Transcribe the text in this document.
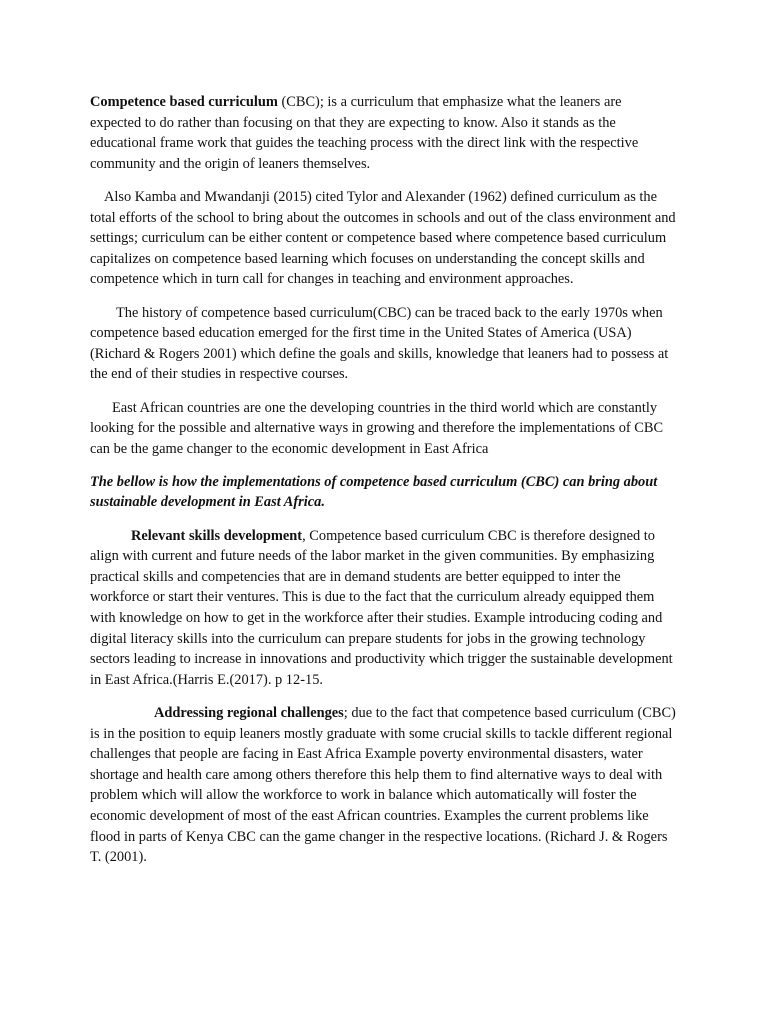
Competence based curriculum (CBC); is a curriculum that emphasize what the leaners are expected to do rather than focusing on that they are expecting to know. Also it stands as the educational frame work that guides the teaching process with the direct link with the respective community and the origin of leaners themselves.

Also Kamba and Mwandanji (2015) cited Tylor and Alexander (1962) defined curriculum as the total efforts of the school to bring about the outcomes in schools and out of the class environment and settings; curriculum can be either content or competence based where competence based curriculum capitalizes on competence based learning which focuses on understanding the concept skills and competence which in turn call for changes in teaching and environment approaches.

The history of competence based curriculum(CBC) can be traced back to the early 1970s when competence based education emerged for the first time in the United States of America (USA)(Richard & Rogers 2001) which define the goals and skills, knowledge that leaners had to possess at the end of their studies in respective courses.

East African countries are one the developing countries in the third world which are constantly looking for the possible and alternative ways in growing and therefore the implementations of CBC can be the game changer to the economic development in East Africa

The bellow is how the implementations of competence based curriculum (CBC) can bring about sustainable development in East Africa.

Relevant skills development, Competence based curriculum CBC is therefore designed to align with current and future needs of the labor market in the given communities. By emphasizing practical skills and competencies that are in demand students are better equipped to inter the workforce or start their ventures. This is due to the fact that the curriculum already equipped them with knowledge on how to get in the workforce after their studies. Example introducing coding and digital literacy skills into the curriculum can prepare students for jobs in the growing technology sectors leading to increase in innovations and productivity which trigger the sustainable development in East Africa.(Harris E.(2017). p 12-15.

Addressing regional challenges; due to the fact that competence based curriculum (CBC) is in the position to equip leaners mostly graduate with some crucial skills to tackle different regional challenges that people are facing in East Africa Example poverty environmental disasters, water shortage and health care among others therefore this help them to find alternative ways to deal with problem which will allow the workforce to work in balance which automatically will foster the economic development of most of the east African countries. Examples the current problems like flood in parts of Kenya CBC can the game changer in the respective locations. (Richard J. & Rogers T. (2001).
